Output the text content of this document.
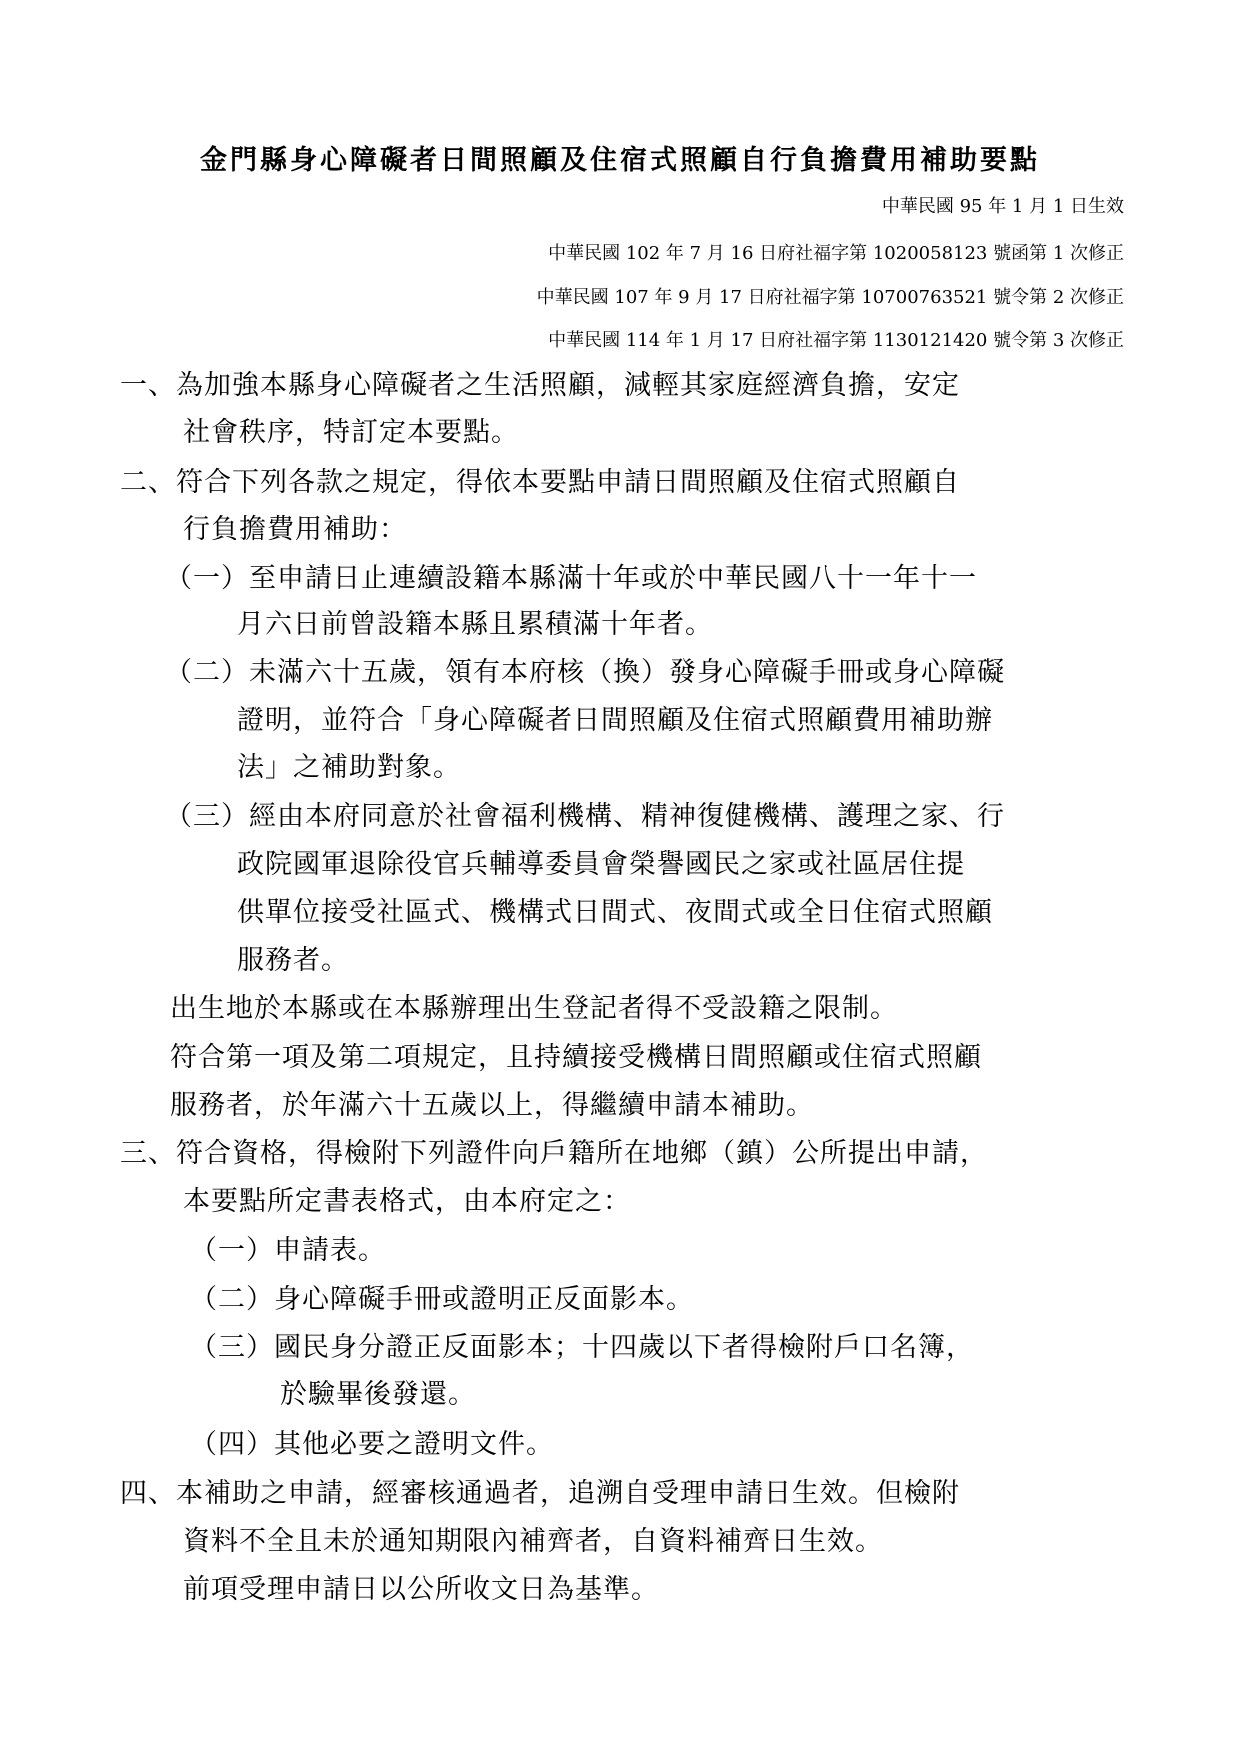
金門縣身心障礙者日間照顧及住宿式照顧自行負擔費用補助要點
中華民國 95 年 1 月 1 日生效
中華民國 102 年 7 月 16 日府社福字第 1020058123 號函第 1 次修正
中華民國 107 年 9 月 17 日府社福字第 10700763521 號令第 2 次修正
中華民國 114 年 1 月 17 日府社福字第 1130121420 號令第 3 次修正
一、為加強本縣身心障礙者之生活照顧，減輕其家庭經濟負擔，安定
社會秩序，特訂定本要點。
二、符合下列各款之規定，得依本要點申請日間照顧及住宿式照顧自
行負擔費用補助：
（一）至申請日止連續設籍本縣滿十年或於中華民國八十一年十一
月六日前曾設籍本縣且累積滿十年者。
（二）未滿六十五歲，領有本府核（換）發身心障礙手冊或身心障礙
證明，並符合「身心障礙者日間照顧及住宿式照顧費用補助辦
法」之補助對象。
（三）經由本府同意於社會福利機構、精神復健機構、護理之家、行
政院國軍退除役官兵輔導委員會榮譽國民之家或社區居住提
供單位接受社區式、機構式日間式、夜間式或全日住宿式照顧
服務者。
出生地於本縣或在本縣辦理出生登記者得不受設籍之限制。
符合第一項及第二項規定，且持續接受機構日間照顧或住宿式照顧
服務者，於年滿六十五歲以上，得繼續申請本補助。
三、符合資格，得檢附下列證件向戶籍所在地鄉（鎮）公所提出申請，
本要點所定書表格式，由本府定之：
（一）申請表。
（二）身心障礙手冊或證明正反面影本。
（三）國民身分證正反面影本；十四歲以下者得檢附戶口名簿，
於驗畢後發還。
（四）其他必要之證明文件。
四、本補助之申請，經審核通過者，追溯自受理申請日生效。但檢附
資料不全且未於通知期限內補齊者，自資料補齊日生效。
前項受理申請日以公所收文日為基準。
